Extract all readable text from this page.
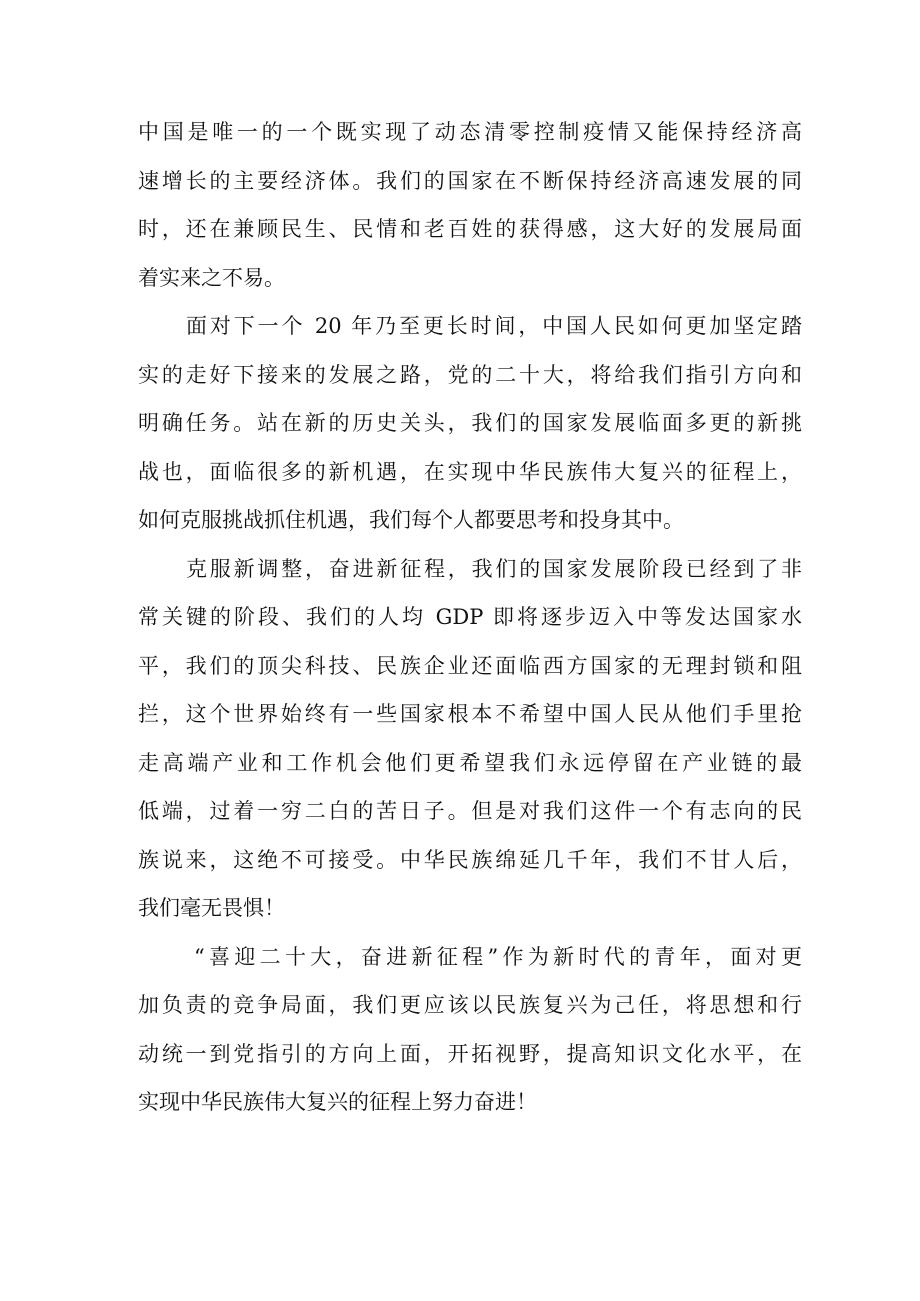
中国是唯一的一个既实现了动态清零控制疫情又能保持经济高
速增长的主要经济体。我们的国家在不断保持经济高速发展的同
时，还在兼顾民生、民情和老百姓的获得感，这大好的发展局面
着实来之不易。
面对下一个 20 年乃至更长时间，中国人民如何更加坚定踏
实的走好下接来的发展之路，党的二十大，将给我们指引方向和
明确任务。站在新的历史关头，我们的国家发展临面多更的新挑
战也，面临很多的新机遇，在实现中华民族伟大复兴的征程上，
如何克服挑战抓住机遇，我们每个人都要思考和投身其中。
克服新调整，奋进新征程，我们的国家发展阶段已经到了非
常关键的阶段、我们的人均 GDP 即将逐步迈入中等发达国家水
平，我们的顶尖科技、民族企业还面临西方国家的无理封锁和阻
拦，这个世界始终有一些国家根本不希望中国人民从他们手里抢
走高端产业和工作机会他们更希望我们永远停留在产业链的最
低端，过着一穷二白的苦日子。但是对我们这件一个有志向的民
族说来，这绝不可接受。中华民族绵延几千年，我们不甘人后，
我们毫无畏惧！
“喜迎二十大，奋进新征程”作为新时代的青年，面对更
加负责的竞争局面，我们更应该以民族复兴为己任，将思想和行
动统一到党指引的方向上面，开拓视野，提高知识文化水平，在
实现中华民族伟大复兴的征程上努力奋进！
